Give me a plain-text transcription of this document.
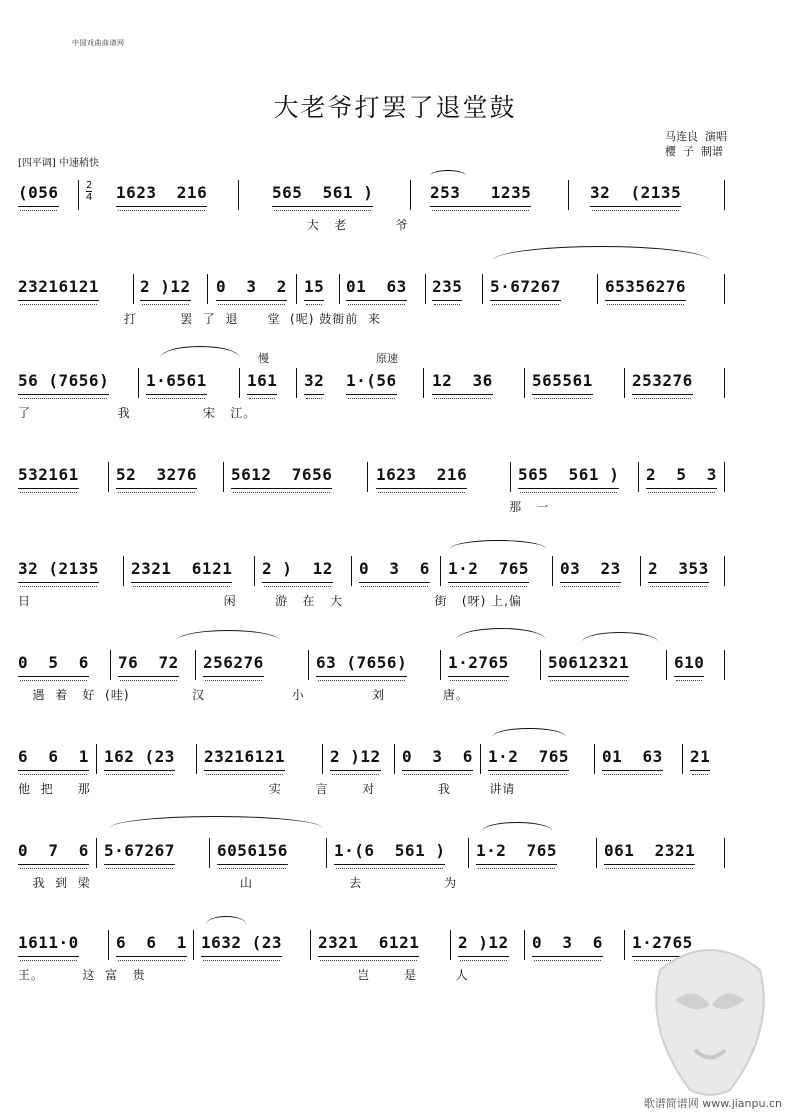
中国戏曲曲谱网
大老爷打罢了退堂鼓
马连良  演唱
樱  子  制谱
[四平调] 中速稍快
(056	2
4 1623  216	565  561 )	253   1235	32  (2135
大   老          爷
23216121	2 )12 0  3  2 15 01  63 235 5·67267	65356276
打         罢  了  退      堂  (呢) 鼓衙前  来
56 (7656) 1·6561
慢
161 32
原速
1·(56 12  36 565561 253276
了                  我               宋   江。
532161 52  3276 5612  7656	1623  216	565  561 ) 2  5  3
那   一
32 (2135 2321  6121 2 )  12 0  3  6 1·2  765 03  23 2  353
日                                        闲        游   在   大                   街   (呀) 上,偏
0  5  6 76  72 256276	63 (7656)	1·2765 50612321	610
遇  着   好  (哇)             汉                  小              刘            唐。
6  6  1 162 (23 23216121	2 )12 0  3  6 1·2  765 01  63 21
他  把     那                                     实       言       对             我        讲请
0  7  6 5·67267	6056156	1·(6  561 ) 1·2  765	061  2321
我  到  梁                               山                    去                 为
1611·0 6  6  1 1632 (23 2321  6121 2 )12 0  3  6 1·2765
王。        这  富   贵                                            岂       是        人
歌谱简谱网 www.jianpu.cn
